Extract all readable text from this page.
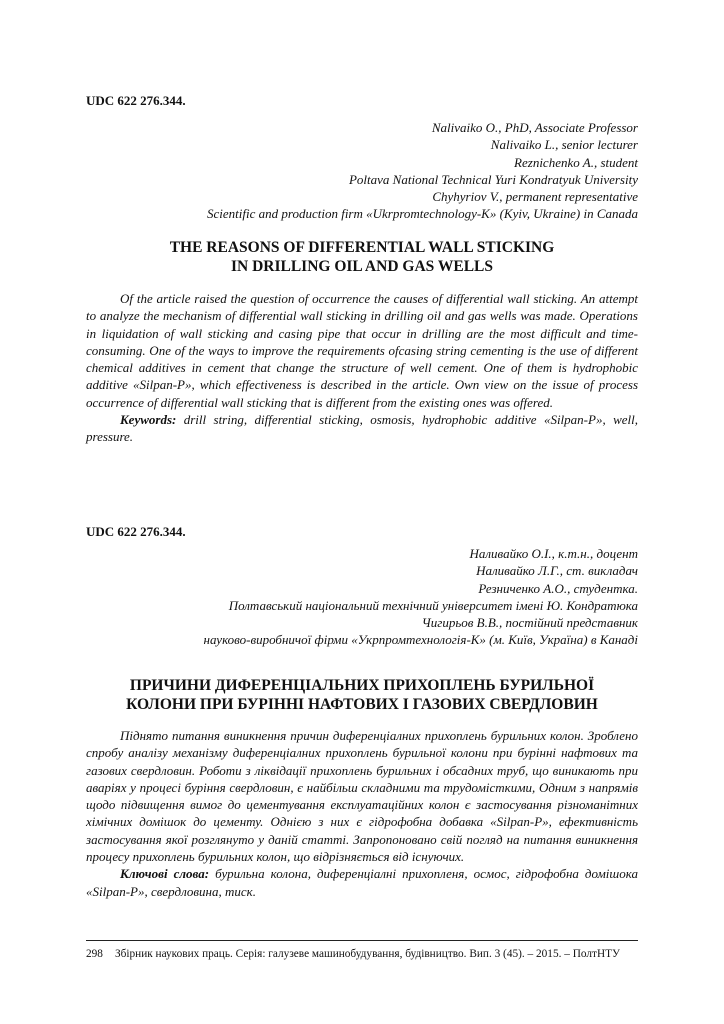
UDC 622 276.344.
Nalivaiko O., PhD, Associate Professor
Nalivaiko L., senior lecturer
Reznichenko A., student
Poltava National Technical Yuri Kondratyuk University
Chyhyriov V., permanent representative
Scientific and production firm «Ukrpromtechnology-K» (Kyiv, Ukraine) in Canada
THE REASONS OF DIFFERENTIAL WALL STICKING
IN DRILLING OIL AND GAS WELLS

Of the article raised the question of occurrence the causes of differential wall sticking. An attempt to analyze the mechanism of differential wall sticking in drilling oil and gas wells was made. Operations in liquidation of wall sticking and casing pipe that occur in drilling are the most difficult and time-consuming. One of the ways to improve the requirements ofcasing string cementing is the use of different chemical additives in cement that change the structure of well cement. One of them is hydrophobic additive «Silpan-P», which effectiveness is described in the article. Own view on the issue of process occurrence of differential wall sticking that is different from the existing ones was offered.

Keywords: drill string, differential sticking, osmosis, hydrophobic additive «Silpan-P», well, pressure.

UDC 622 276.344.
Наливайко О.І., к.т.н., доцент
Наливайко Л.Г., ст. викладач
Резниченко А.О., студентка.
Полтавський національний технічний університет імені Ю. Кондратюка
Чигирьов В.В., постійний представник
науково-виробничої фірми «Укрпромтехнологія-К» (м. Київ, Україна) в Канаді
ПРИЧИНИ ДИФЕРЕНЦІАЛЬНИХ ПРИХОПЛЕНЬ БУРИЛЬНОЇ
КОЛОНИ ПРИ БУРІННІ НАФТОВИХ І ГАЗОВИХ СВЕРДЛОВИН

Піднято питання виникнення причин диференціалних прихоплень бурильних колон. Зроблено спробу аналізу механізму диференціалних прихоплень бурильної колони при бурінні нафтових та газових свердловин. Роботи з ліквідації прихоплень бурильних і обсадних труб, що виникають при аваріях у процесі буріння свердловин, є найбільш складними та трудомісткими, Одним з напрямів щодо підвищення вимог до цементування експлуатаційних колон є застосування різноманітних хімічних домішок до цементу. Однією з них є гідрофобна добавка «Silpan-P», ефективність застосування якої розглянуто у даній статті. Запропоновано свій погляд на питання виникнення процесу прихоплень бурильних колон, що відрізняється від існуючих.

Ключові слова: бурильна колона, диференціалні прихопленя, осмос, гідрофобна домішока «Silpan-P», свердловина, тиск.

298 Збірник наукових праць. Серія: галузеве машинобудування, будівництво. Вип. 3 (45). – 2015. – ПолтНТУ
